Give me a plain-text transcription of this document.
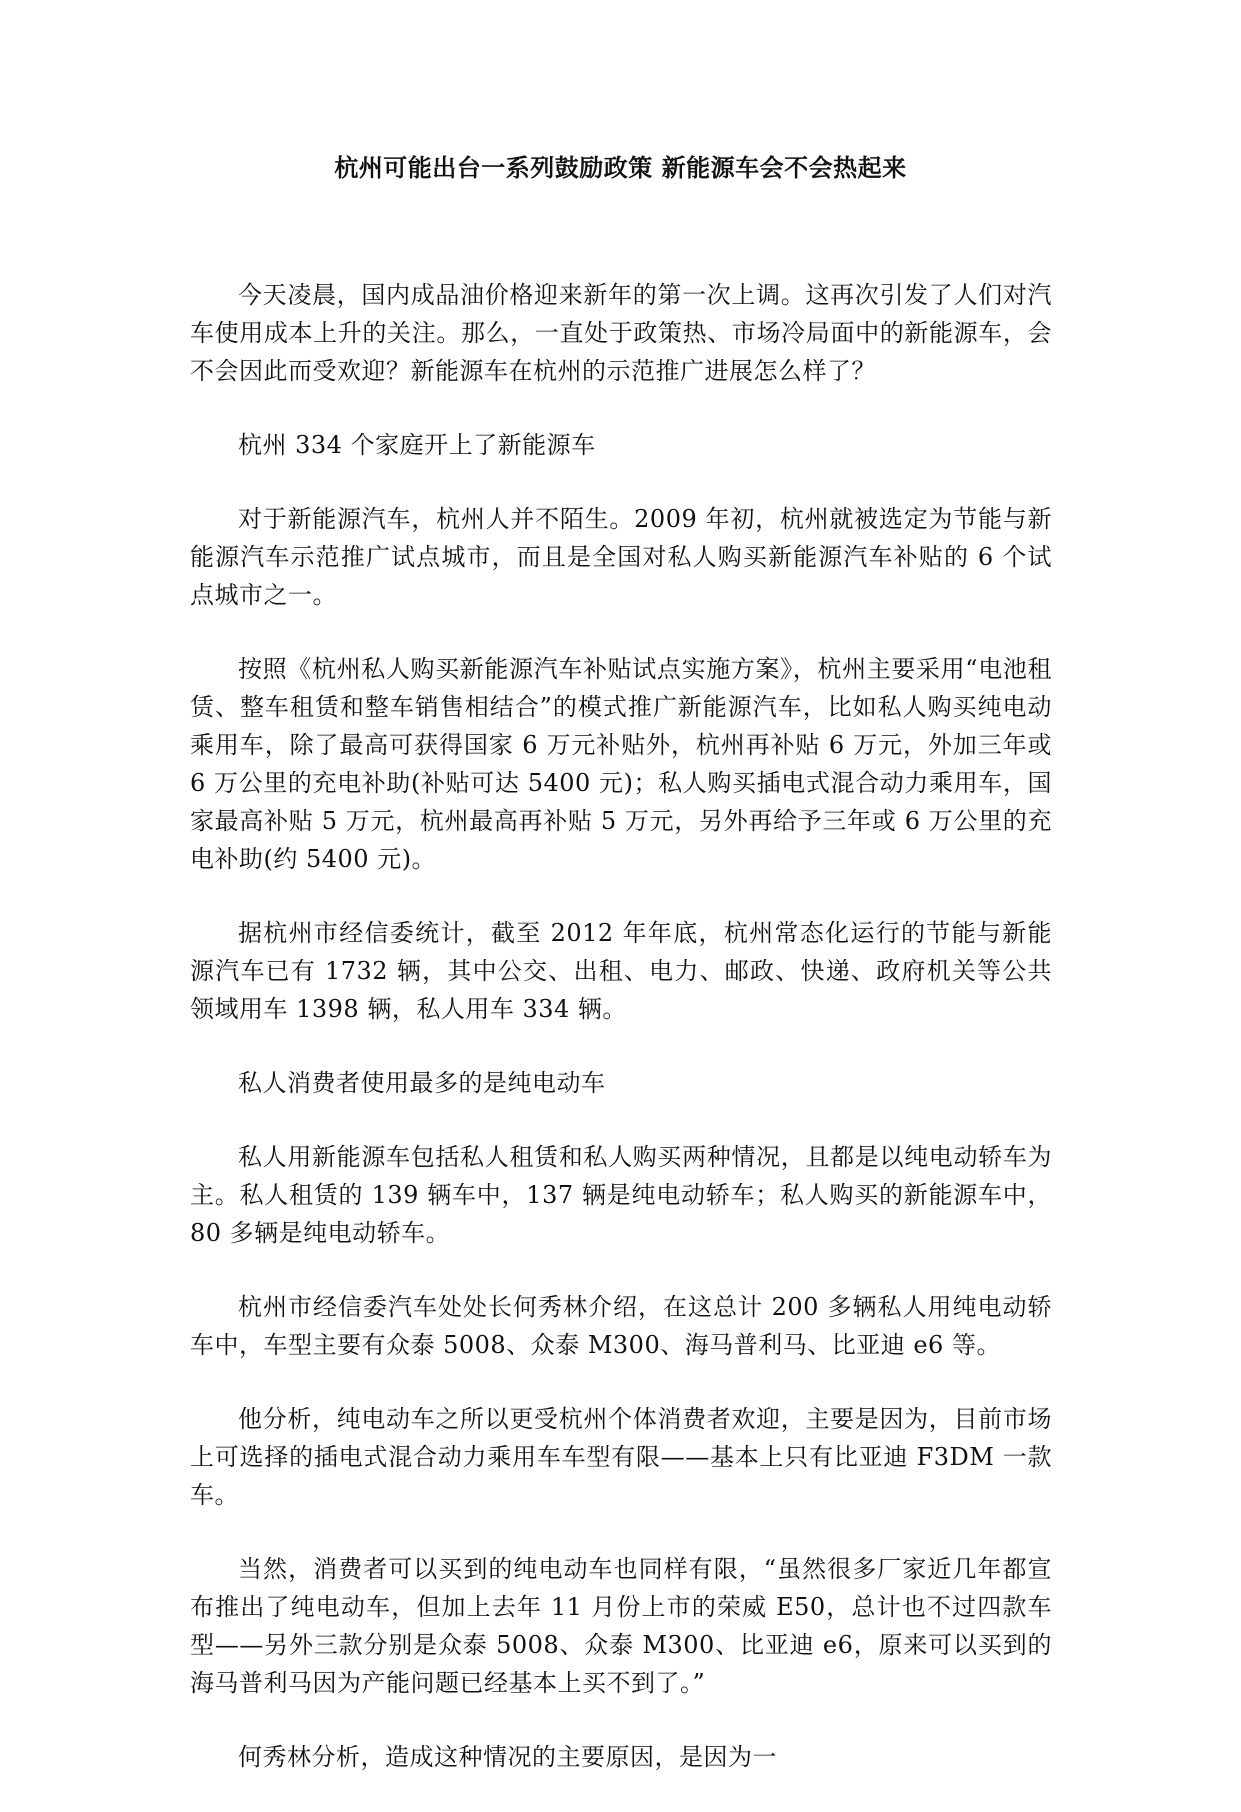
杭州可能出台一系列鼓励政策 新能源车会不会热起来

今天凌晨，国内成品油价格迎来新年的第一次上调。这再次引发了人们对汽车使用成本上升的关注。那么，一直处于政策热、市场冷局面中的新能源车，会不会因此而受欢迎？新能源车在杭州的示范推广进展怎么样了？

杭州 334 个家庭开上了新能源车

对于新能源汽车，杭州人并不陌生。2009 年初，杭州就被选定为节能与新能源汽车示范推广试点城市，而且是全国对私人购买新能源汽车补贴的 6 个试点城市之一。

按照《杭州私人购买新能源汽车补贴试点实施方案》，杭州主要采用“电池租赁、整车租赁和整车销售相结合”的模式推广新能源汽车，比如私人购买纯电动乘用车，除了最高可获得国家 6 万元补贴外，杭州再补贴 6 万元，外加三年或 6 万公里的充电补助(补贴可达 5400 元)；私人购买插电式混合动力乘用车，国家最高补贴 5 万元，杭州最高再补贴 5 万元，另外再给予三年或 6 万公里的充电补助(约 5400 元)。

据杭州市经信委统计，截至 2012 年年底，杭州常态化运行的节能与新能源汽车已有 1732 辆，其中公交、出租、电力、邮政、快递、政府机关等公共领域用车 1398 辆，私人用车 334 辆。

私人消费者使用最多的是纯电动车

私人用新能源车包括私人租赁和私人购买两种情况，且都是以纯电动轿车为主。私人租赁的 139 辆车中，137 辆是纯电动轿车；私人购买的新能源车中，80 多辆是纯电动轿车。

杭州市经信委汽车处处长何秀林介绍，在这总计 200 多辆私人用纯电动轿车中，车型主要有众泰 5008、众泰 M300、海马普利马、比亚迪 e6 等。

他分析，纯电动车之所以更受杭州个体消费者欢迎，主要是因为，目前市场上可选择的插电式混合动力乘用车车型有限——基本上只有比亚迪 F3DM 一款车。

当然，消费者可以买到的纯电动车也同样有限，“虽然很多厂家近几年都宣布推出了纯电动车，但加上去年 11 月份上市的荣威 E50，总计也不过四款车型——另外三款分别是众泰 5008、众泰 M300、比亚迪 e6，原来可以买到的海马普利马因为产能问题已经基本上买不到了。”

何秀林分析，造成这种情况的主要原因，是因为一
